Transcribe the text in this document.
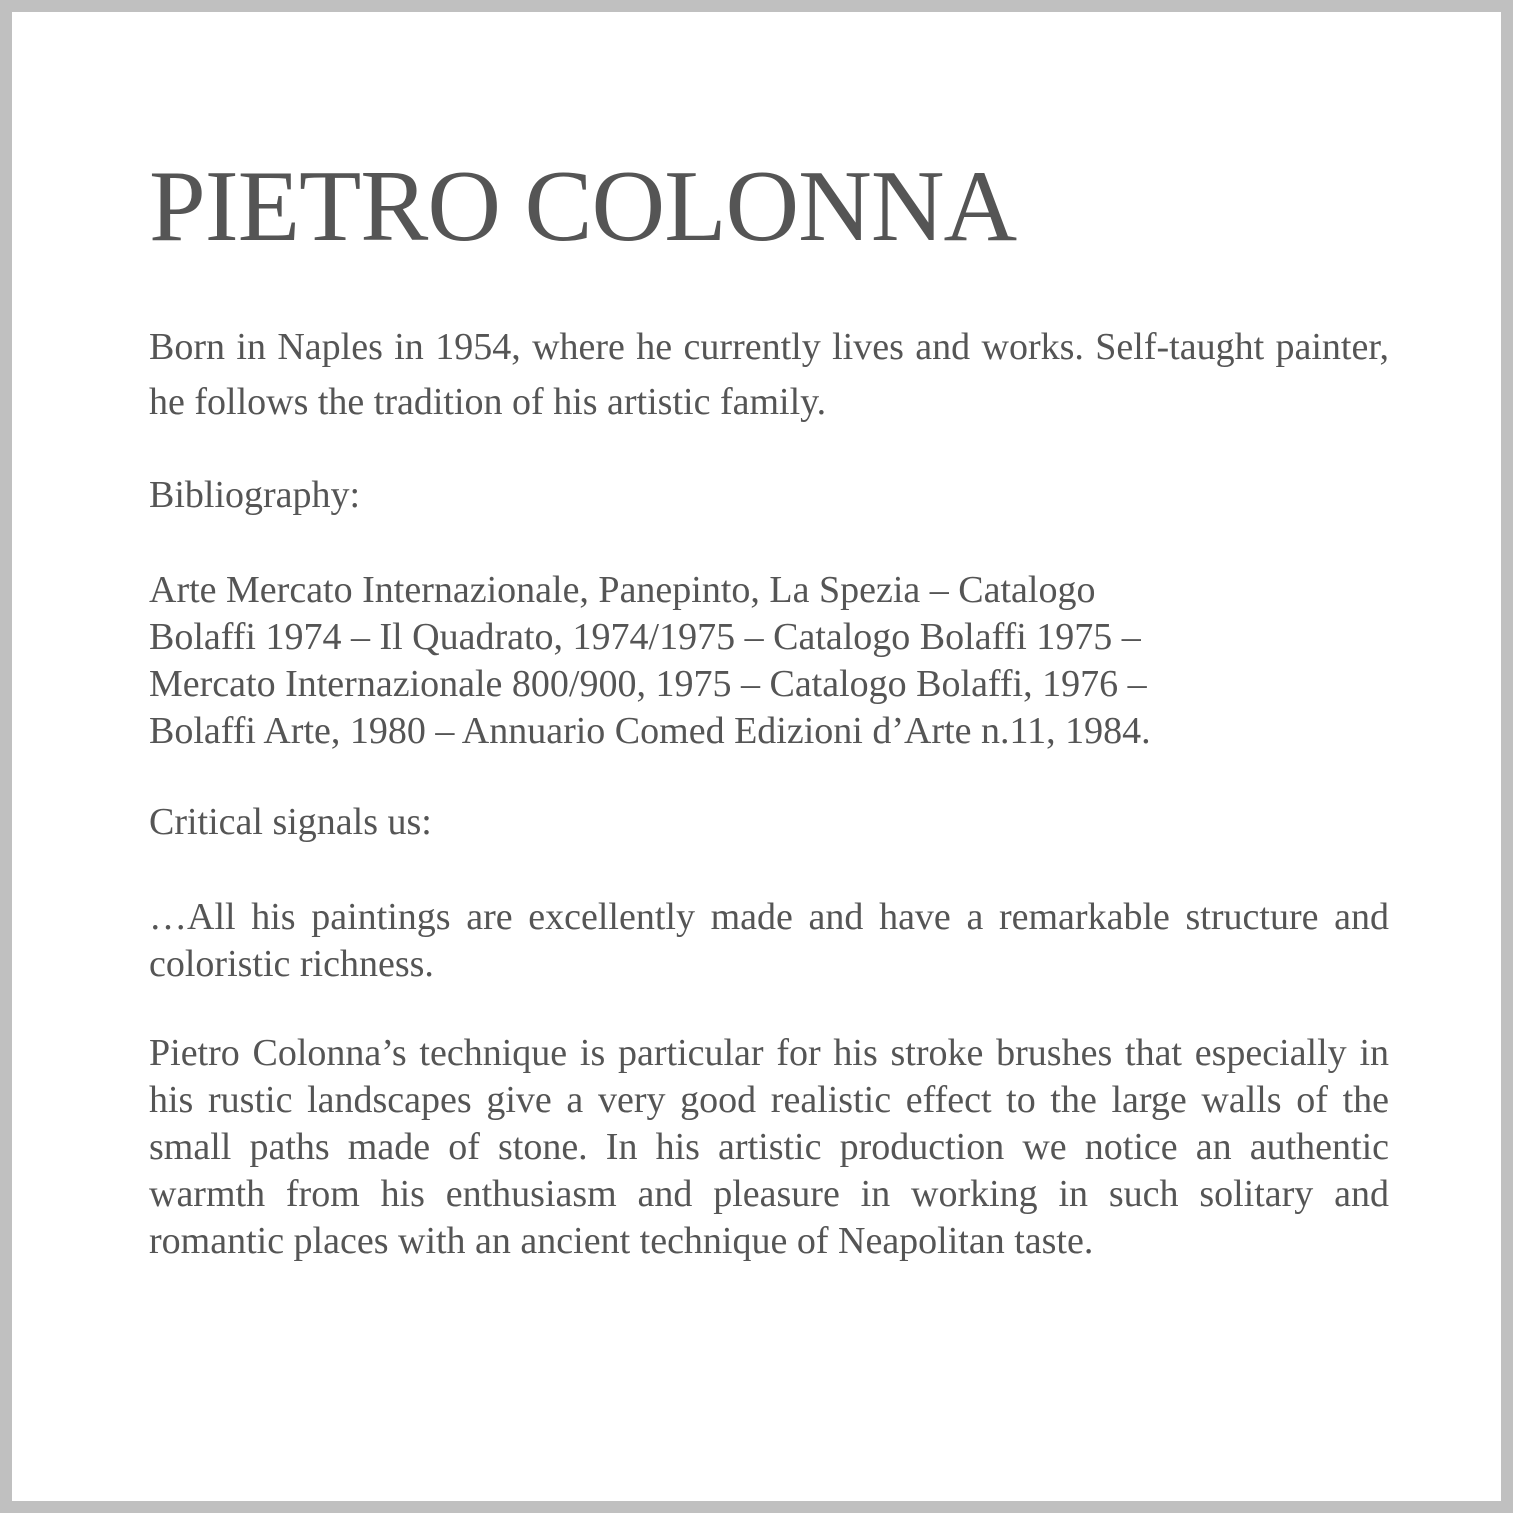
PIETRO COLONNA

Born in Naples in 1954, where he currently lives and works. Self-taught painter, he follows the tradition of his artistic family.

Bibliography:

Arte Mercato Internazionale, Panepinto, La Spezia – Catalogo
Bolaffi 1974 – Il Quadrato, 1974/1975 – Catalogo Bolaffi 1975 –
Mercato Internazionale 800/900, 1975 – Catalogo Bolaffi, 1976 –
Bolaffi Arte, 1980 – Annuario Comed Edizioni d’Arte n.11, 1984.

Critical signals us:

…All his paintings are excellently made and have a remarkable structure and coloristic richness.

Pietro Colonna’s technique is particular for his stroke brushes that especially in his rustic landscapes give a very good realistic effect to the large walls of the small paths made of stone. In his artistic production we notice an authentic warmth from his enthusiasm and pleasure in working in such solitary and romantic places with an ancient technique of Neapolitan taste.
